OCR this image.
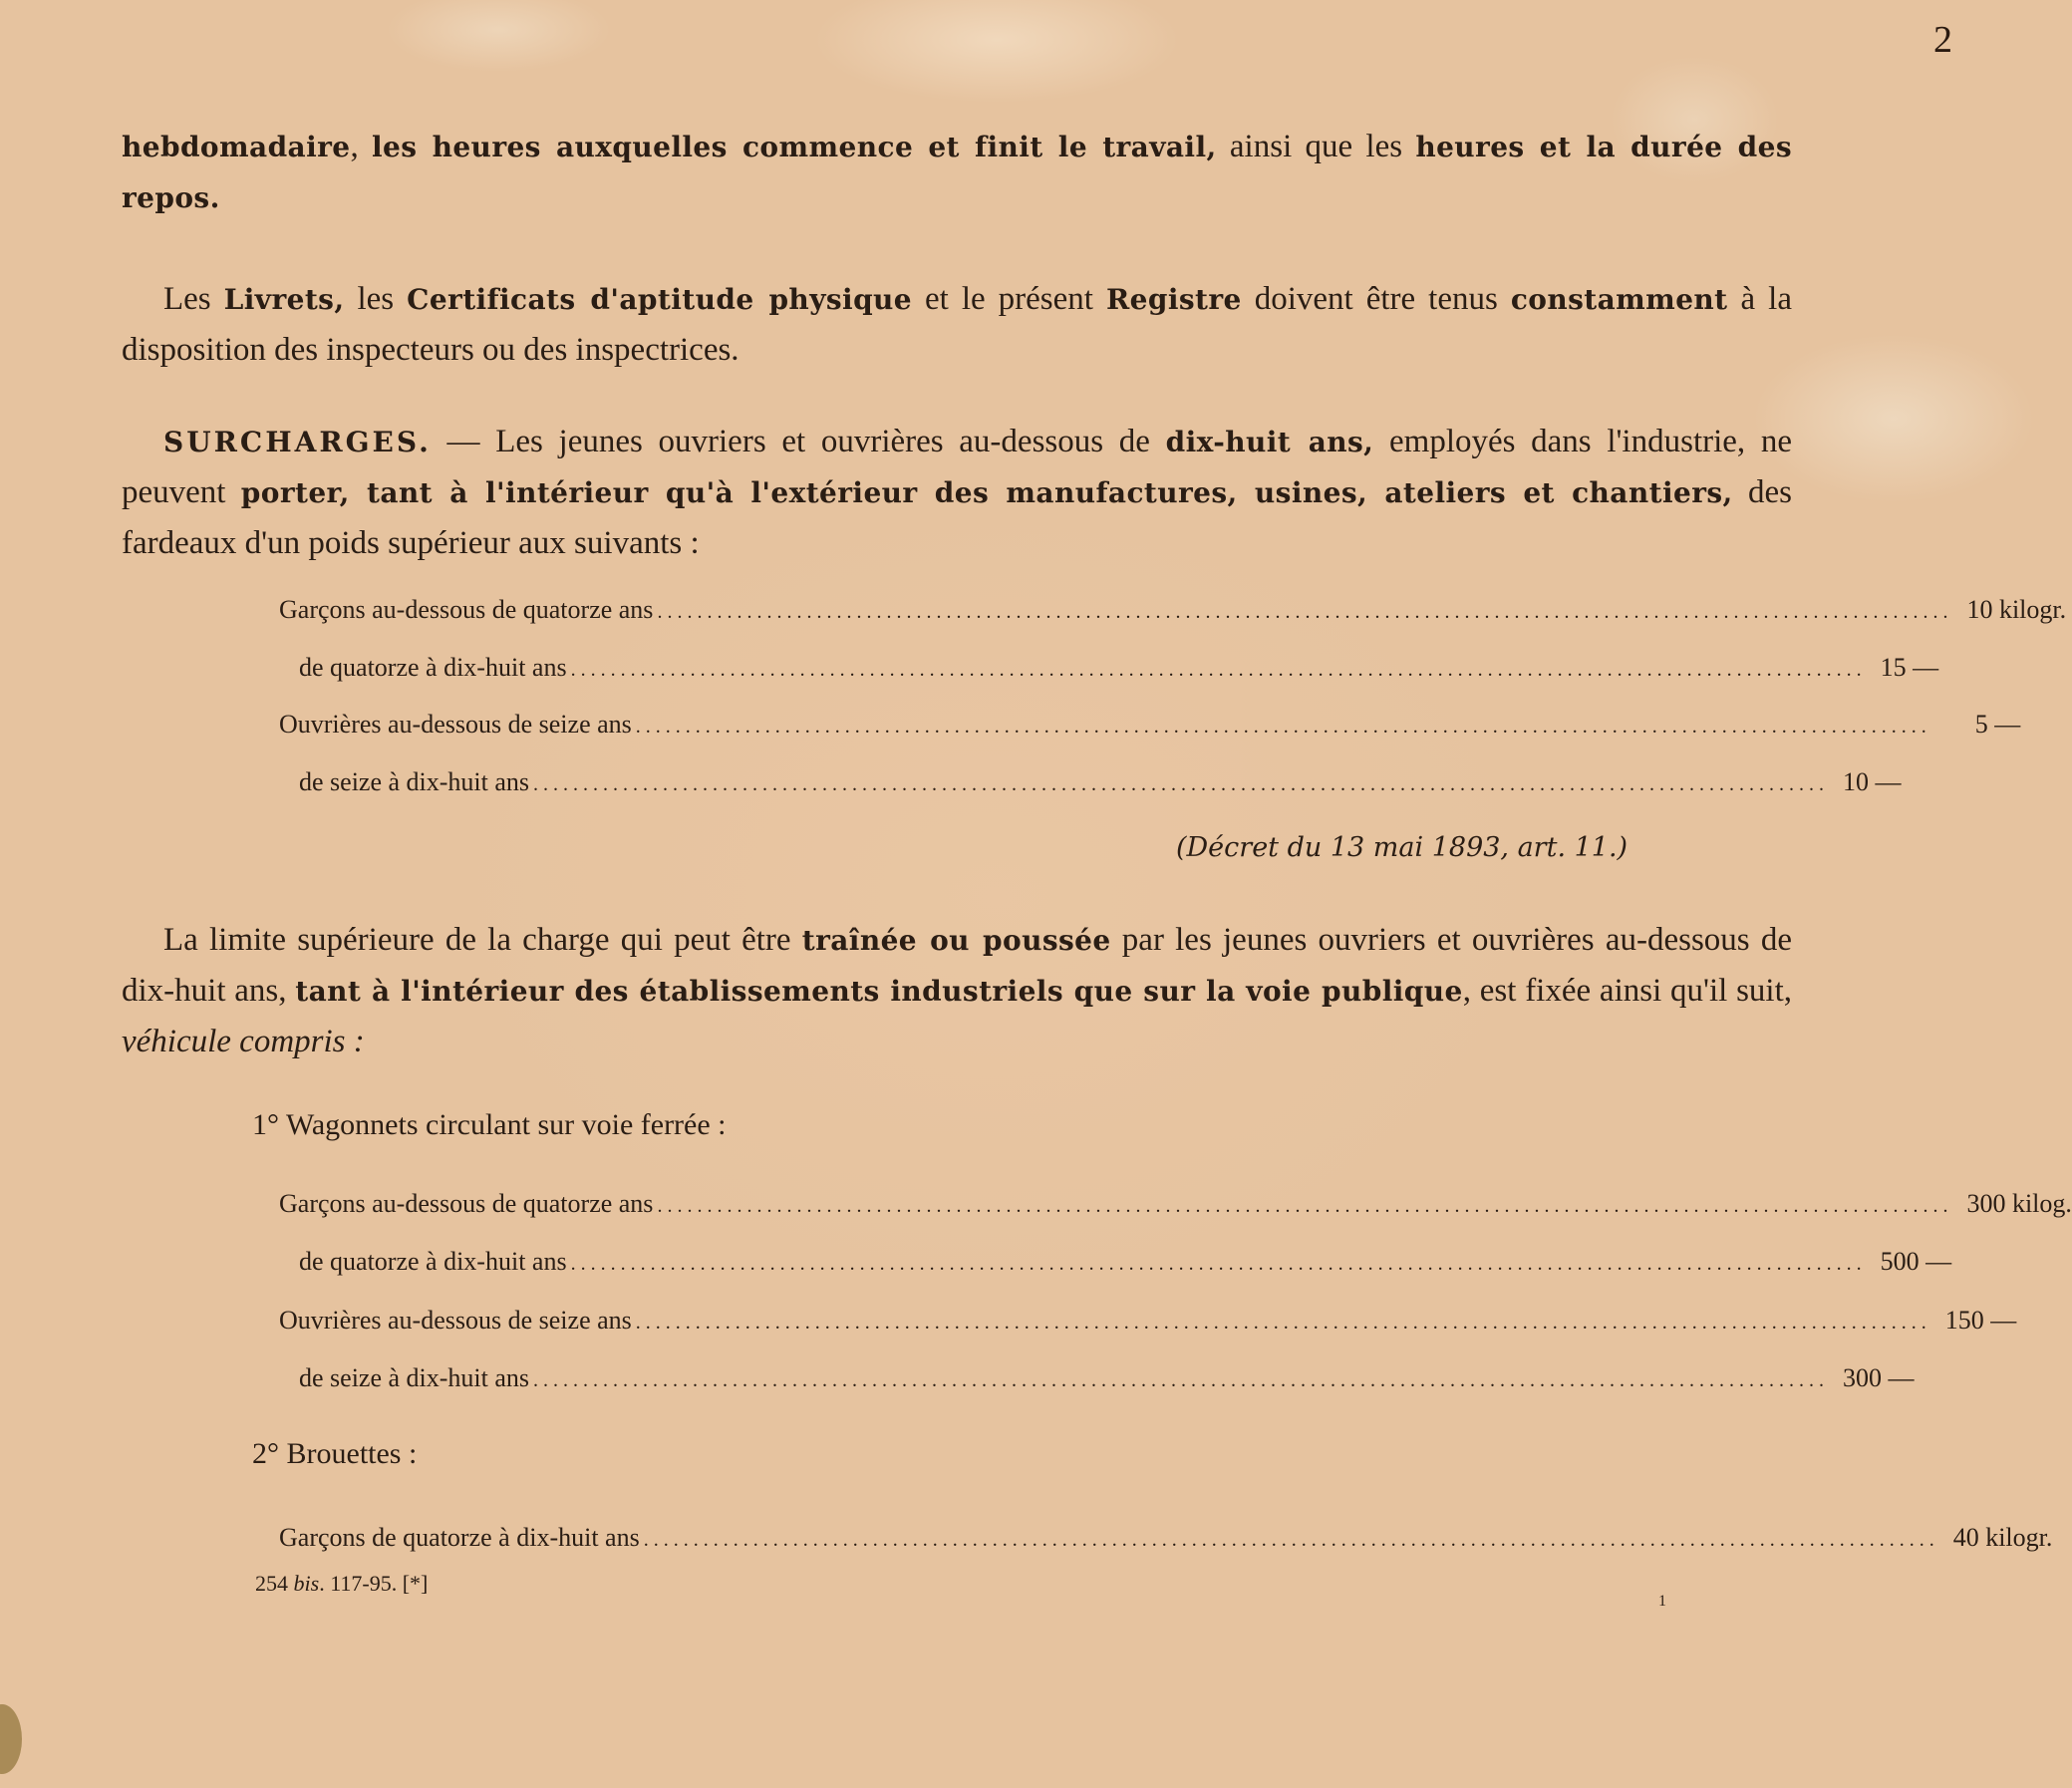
2
hebdomadaire, les heures auxquelles commence et finit le travail, ainsi que les heures et la durée des repos.
Les Livrets, les Certificats d'aptitude physique et le présent Registre doivent être tenus constamment à la disposition des inspecteurs ou des inspectrices.
SURCHARGES. — Les jeunes ouvriers et ouvrières au-dessous de dix-huit ans, employés dans l'industrie, ne peuvent porter, tant à l'intérieur qu'à l'extérieur des manufactures, usines, ateliers et chantiers, des fardeaux d'un poids supérieur aux suivants :
Garçons au-dessous de quatorze ans .................................................................................................................................. 10 kilogr.
de quatorze à dix-huit ans .................................................................................................................................. 15 —
Ouvrières au-dessous de seize ans ..................................................................................................................................	5 —
de seize à dix-huit ans .................................................................................................................................. 10 —
(Décret du 13 mai 1893, art. 11.)
La limite supérieure de la charge qui peut être traînée ou poussée par les jeunes ouvriers et ouvrières au-dessous de dix-huit ans, tant à l'intérieur des établissements industriels que sur la voie publique, est fixée ainsi qu'il suit, véhicule compris :
1° Wagonnets circulant sur voie ferrée :
Garçons au-dessous de quatorze ans .................................................................................................................................. 300 kilog.
de quatorze à dix-huit ans .................................................................................................................................. 500 —
Ouvrières au-dessous de seize ans .................................................................................................................................. 150 —
de seize à dix-huit ans .................................................................................................................................. 300 —
2° Brouettes :
Garçons de quatorze à dix-huit ans .................................................................................................................................. 40 kilogr.
254 bis. 117-95. [*]
1
